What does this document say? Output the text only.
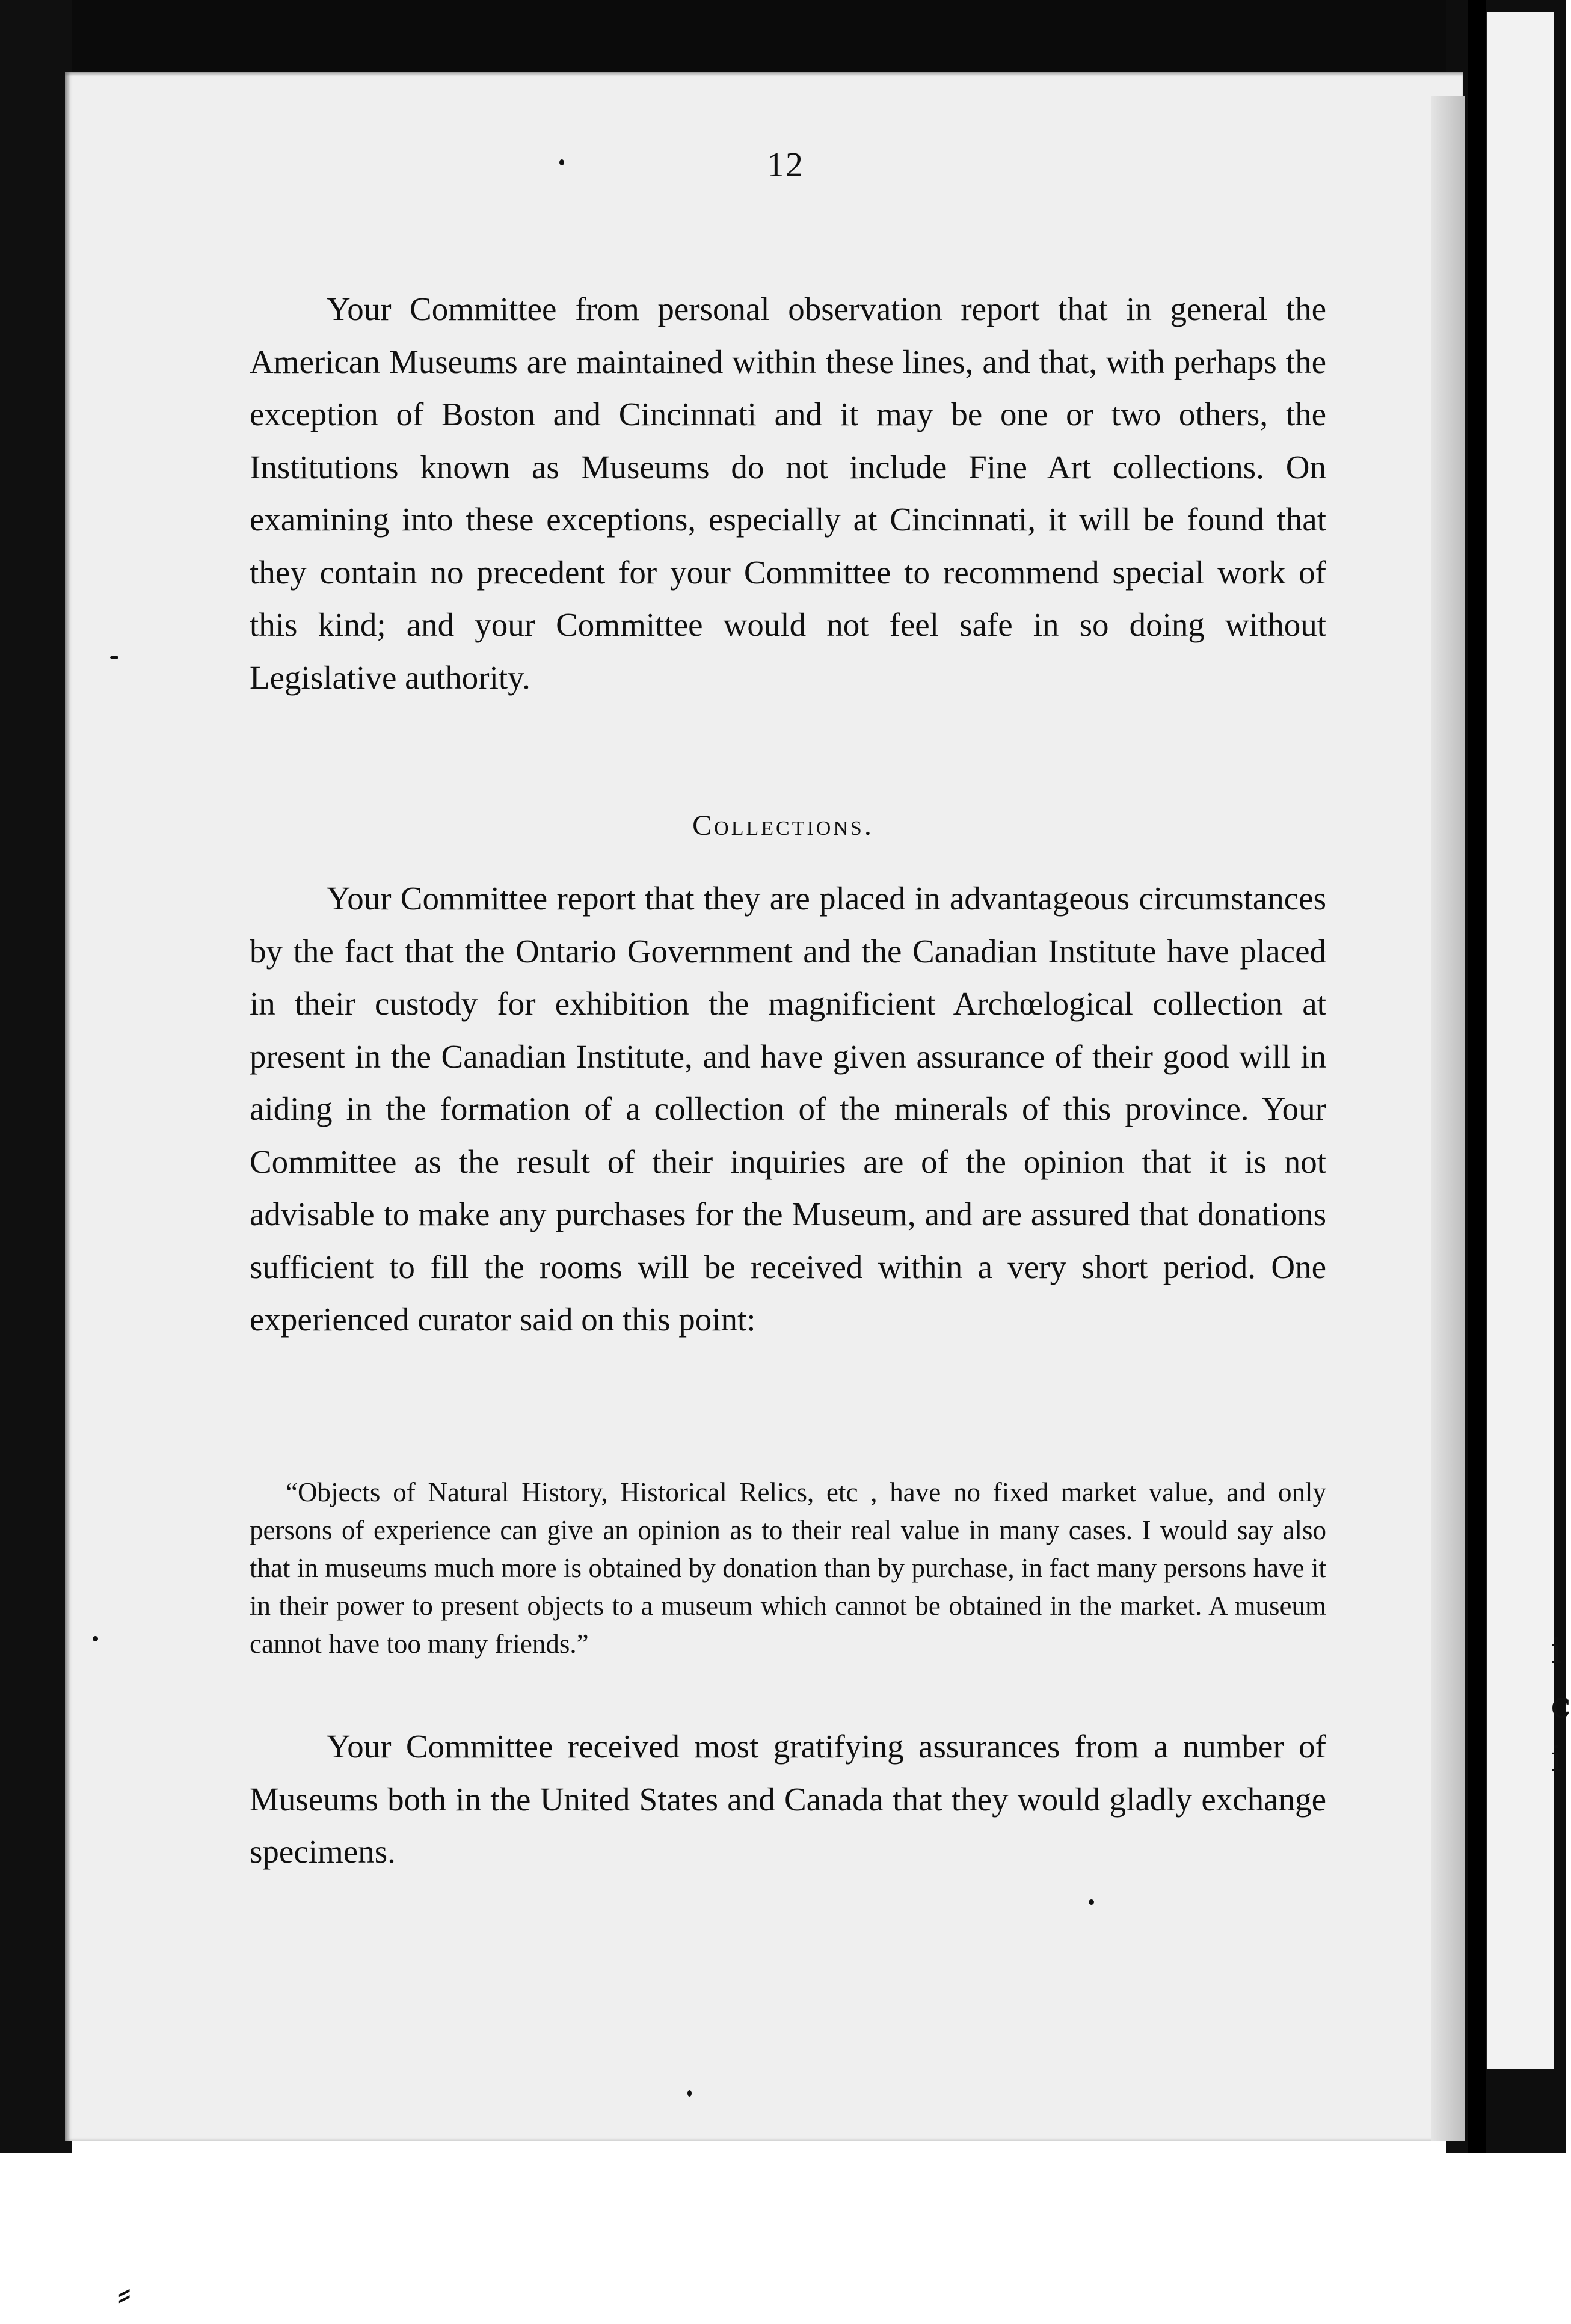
12

Your Committee from personal observation report that in general the American Museums are maintained within these lines, and that, with perhaps the exception of Boston and Cincinnati and it may be one or two others, the Institutions known as Museums do not include Fine Art collections. On examining into these exceptions, especially at Cincinnati, it will be found that they contain no precedent for your Committee to recommend special work of this kind; and your Committee would not feel safe in so doing without Legislative authority.

Collections.

Your Committee report that they are placed in advantageous circumstances by the fact that the Ontario Government and the Canadian Institute have placed in their custody for exhibition the magnificient Archœlogical collection at present in the Canadian Institute, and have given assurance of their good will in aiding in the formation of a collection of the minerals of this province. Your Committee as the result of their inquiries are of the opinion that it is not advisable to make any purchases for the Museum, and are assured that donations sufficient to fill the rooms will be received within a very short period. One experienced curator said on this point:

“Objects of Natural History, Historical Relics, etc , have no fixed market value, and only persons of experience can give an opinion as to their real value in many cases. I would say also that in museums much more is obtained by donation than by purchase, in fact many persons have it in their power to present objects to a museum which cannot be obtained in the market. A museum cannot have too many friends.”

Your Committee received most gratifying assurances from a number of Museums both in the United States and Canada that they would gladly exchange specimens.

i c i
⸗
